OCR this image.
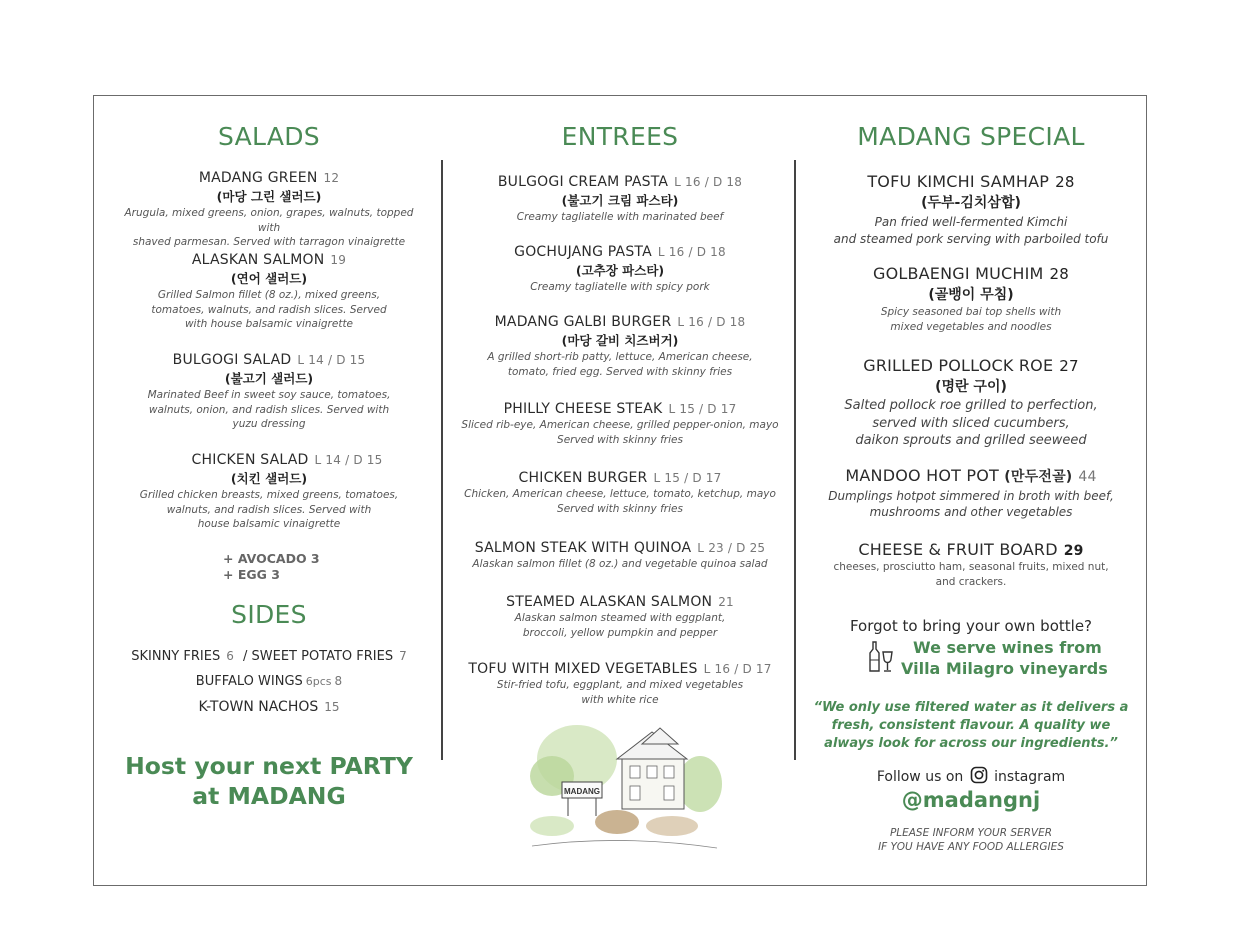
SALADS
MADANG GREEN 12
(마당 그린 샐러드)
Arugula, mixed greens, onion, grapes, walnuts, topped with
shaved parmesan. Served with tarragon vinaigrette
ALASKAN SALMON 19
(연어 샐러드)
Grilled Salmon fillet (8 oz.), mixed greens,
tomatoes, walnuts, and radish slices. Served
with house balsamic vinaigrette
BULGOGI SALAD L 14 / D 15
(불고기 샐러드)
Marinated Beef in sweet soy sauce, tomatoes,
walnuts, onion, and radish slices. Served with
yuzu dressing
CHICKEN SALAD L 14 / D 15
(치킨 샐러드)
Grilled chicken breasts, mixed greens, tomatoes,
walnuts, and radish slices. Served with
house balsamic vinaigrette
+ AVOCADO 3
+ EGG 3
SIDES
SKINNY FRIES 6 / SWEET POTATO FRIES 7
BUFFALO WINGS 6pcs 8
K-TOWN NACHOS 15
Host your next PARTY
at MADANG
ENTREES
BULGOGI CREAM PASTA L 16 / D 18
(불고기 크림 파스타)
Creamy tagliatelle with marinated beef
GOCHUJANG PASTA L 16 / D 18
(고추장 파스타)
Creamy tagliatelle with spicy pork
MADANG GALBI BURGER L 16 / D 18
(마당 갈비 치즈버거)
A grilled short-rib patty, lettuce, American cheese,
tomato, fried egg. Served with skinny fries
PHILLY CHEESE STEAK L 15 / D 17
Sliced rib-eye, American cheese, grilled pepper-onion, mayo
Served with skinny fries
CHICKEN BURGER L 15 / D 17
Chicken, American cheese, lettuce, tomato, ketchup, mayo
Served with skinny fries
SALMON STEAK WITH QUINOA L 23 / D 25
Alaskan salmon fillet (8 oz.) and vegetable quinoa salad
STEAMED ALASKAN SALMON 21
Alaskan salmon steamed with eggplant,
broccoli, yellow pumpkin and pepper
TOFU WITH MIXED VEGETABLES L 16 / D 17
Stir-fried tofu, eggplant, and mixed vegetables
with white rice
MADANG
MADANG SPECIAL
TOFU KIMCHI SAMHAP 28
(두부-김치삼합)
Pan fried well-fermented Kimchi
and steamed pork serving with parboiled tofu
GOLBAENGI MUCHIM 28
(골뱅이 무침)
Spicy seasoned bai top shells with
mixed vegetables and noodles
GRILLED POLLOCK ROE 27
(명란 구이)
Salted pollock roe grilled to perfection,
served with sliced cucumbers,
daikon sprouts and grilled seeweed
MANDOO HOT POT (만두전골) 44
Dumplings hotpot simmered in broth with beef,
mushrooms and other vegetables
CHEESE & FRUIT BOARD 29
cheeses, prosciutto ham, seasonal fruits, mixed nut,
and crackers.
Forgot to bring your own bottle?
We serve wines from
Villa Milagro vineyards
“We only use filtered water as it delivers a
fresh, consistent flavour. A quality we
always look for across our ingredients.”
Follow us on instagram
@madangnj
PLEASE INFORM YOUR SERVER
IF YOU HAVE ANY FOOD ALLERGIES
